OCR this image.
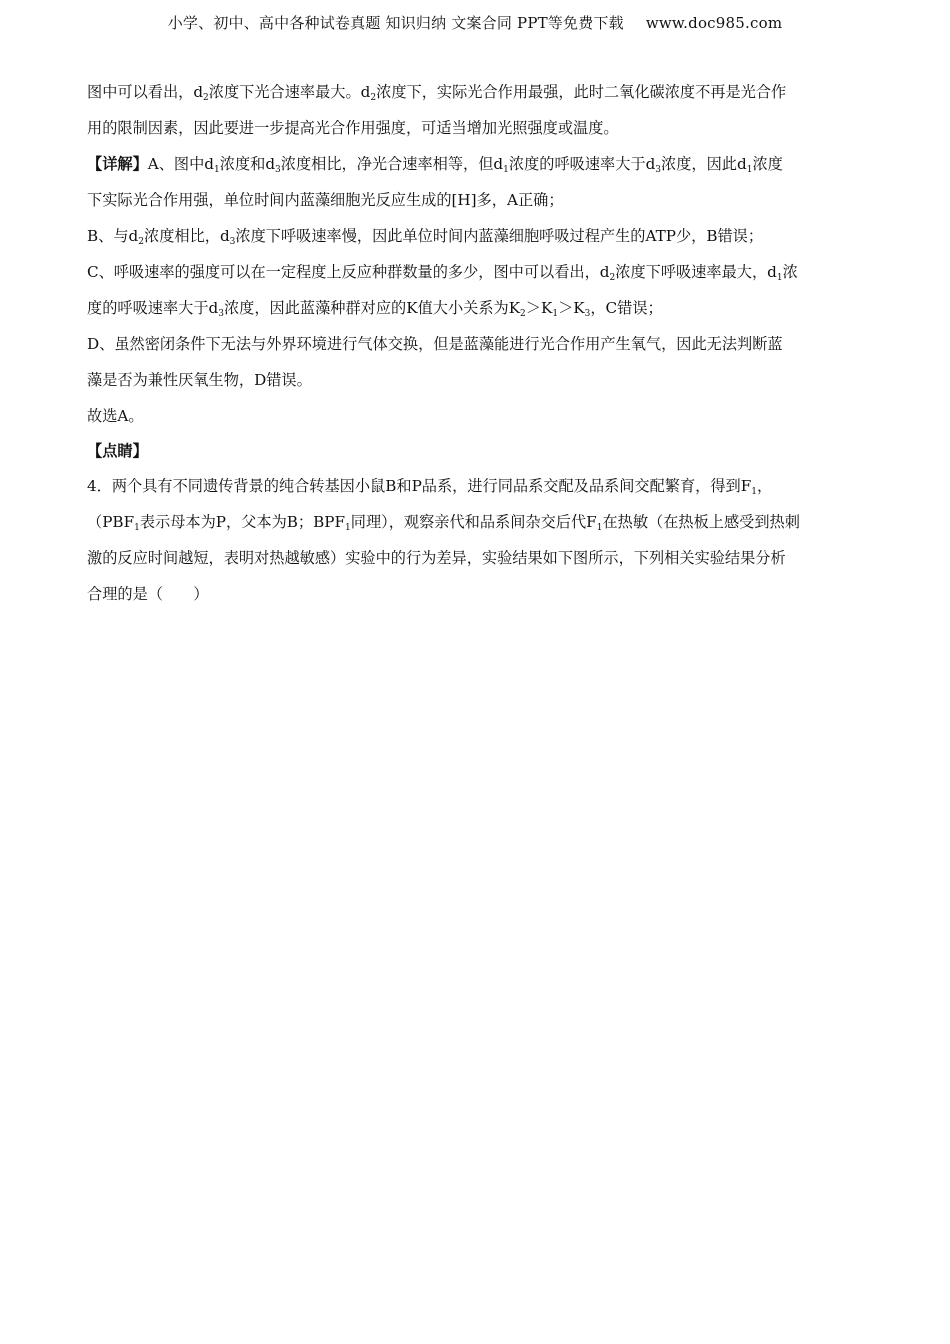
小学、初中、高中各种试卷真题 知识归纳 文案合同 PPT等免费下载 www.doc985.com
图中可以看出，$d_2$浓度下光合速率最大。$d_2$浓度下，实际光合作用最强，此时二氧化碳浓度不再是光合作
用的限制因素，因此要进一步提高光合作用强度，可适当增加光照强度或温度。
【详解】A、图中$d_1$浓度和$d_3$浓度相比，净光合速率相等，但$d_1$浓度的呼吸速率大于$d_3$浓度，因此$d_1$浓度
下实际光合作用强，单位时间内蓝藻细胞光反应生成的[H]多，A正确；
B、与$d_2$浓度相比，$d_3$浓度下呼吸速率慢，因此单位时间内蓝藻细胞呼吸过程产生的ATP少，B错误；
C、呼吸速率的强度可以在一定程度上反应种群数量的多少，图中可以看出，$d_2$浓度下呼吸速率最大，$d_1$浓
度的呼吸速率大于$d_3$浓度，因此蓝藻种群对应的K值大小关系为$K_2>K_1>K_3$，C错误；
D、虽然密闭条件下无法与外界环境进行气体交换，但是蓝藻能进行光合作用产生氧气，因此无法判断蓝
藻是否为兼性厌氧生物，D错误。
故选A。
【点睛】
4．两个具有不同遗传背景的纯合转基因小鼠B和P品系，进行同品系交配及品系间交配繁育，得到$F_1$，
（$PBF_1$表示母本为P，父本为B；$BPF_1$同理），观察亲代和品系间杂交后代$F_1$在热敏（在热板上感受到热刺
激的反应时间越短，表明对热越敏感）实验中的行为差异，实验结果如下图所示，下列相关实验结果分析
合理的是（　　）
